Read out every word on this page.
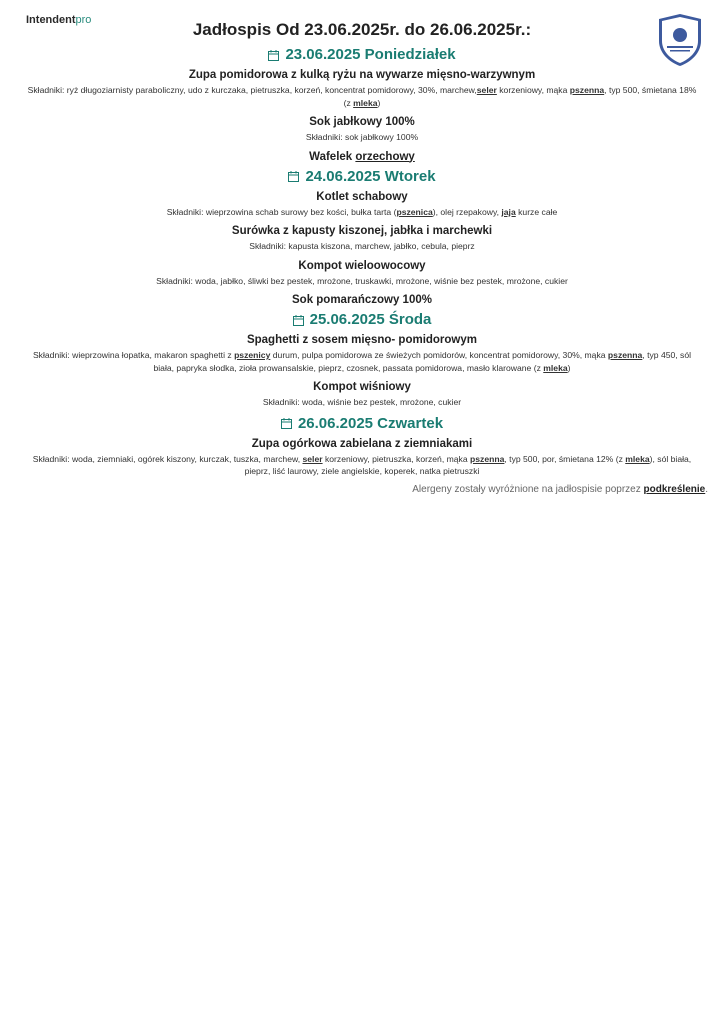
Intendentpro	Jadłospis Od 23.06.2025r. do 26.06.2025r.:
23.06.2025 Poniedziałek
Zupa pomidorowa z kulką ryżu na wywarze mięsno-warzywnym
Składniki: ryż długoziarnisty paraboliczny, udo z kurczaka, pietruszka, korzeń, koncentrat pomidorowy, 30%, marchew,seler korzeniowy, mąka pszenna, typ 500, śmietana 18% (z mleka)
Sok jabłkowy 100%
Składniki: sok jabłkowy 100%
Wafelek orzechowy
24.06.2025 Wtorek
Kotlet schabowy
Składniki: wieprzowina schab surowy bez kości, bułka tarta (pszenica), olej rzepakowy, jaja kurze całe
Surówka z kapusty kiszonej, jabłka i marchewki
Składniki: kapusta kiszona, marchew, jabłko, cebula, pieprz
Kompot wieloowocowy
Składniki: woda, jabłko, śliwki bez pestek, mrożone, truskawki, mrożone, wiśnie bez pestek, mrożone, cukier
Sok pomarańczowy 100%
25.06.2025 Środa
Spaghetti z sosem mięsno- pomidorowym
Składniki: wieprzowina łopatka, makaron spaghetti z pszenicy durum, pulpa pomidorowa ze świeżych pomidorów, koncentrat pomidorowy, 30%, mąka pszenna, typ 450, sól biała, papryka słodka, zioła prowansalskie, pieprz, czosnek, passata pomidorowa, masło klarowane (z mleka)
Kompot wiśniowy
Składniki: woda, wiśnie bez pestek, mrożone, cukier
26.06.2025 Czwartek
Zupa ogórkowa zabielana z ziemniakami
Składniki: woda, ziemniaki, ogórek kiszony, kurczak, tuszka, marchew, seler korzeniowy, pietruszka, korzeń, mąka pszenna, typ 500, por, śmietana 12% (z mleka), sól biała, pieprz, liść laurowy, ziele angielskie, koperek, natka pietruszki
Alergeny zostały wyróżnione na jadłospisie poprzez podkreślenie.
